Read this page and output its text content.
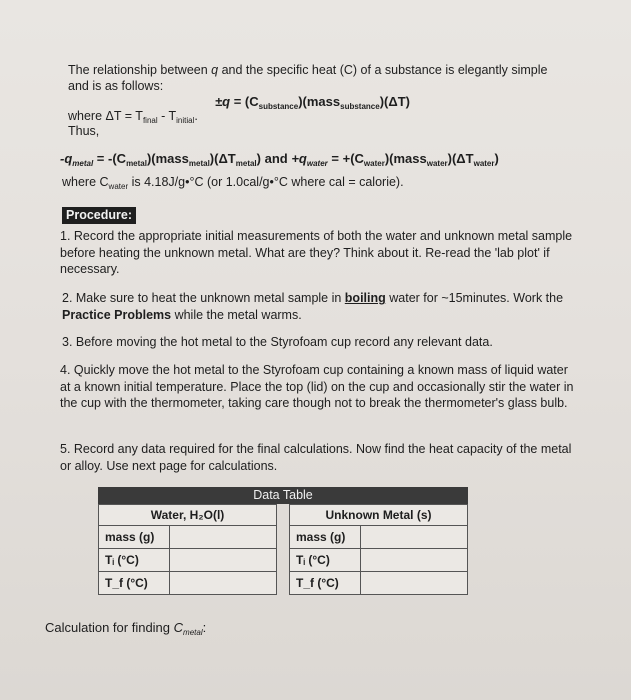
The relationship between q and the specific heat (C) of a substance is elegantly simple and is as follows:
$\pm q = (C_{substance})(mass_{substance})(\Delta T)$
where $\Delta T = T_{final} - T_{initial}$.
Thus,
$-q_{metal}$ = $-(C_{metal})(mass_{metal})(\Delta T_{metal})$ and $+q_{water}$ = $+(C_{water})(mass_{water})(\Delta T_{water})$
where $C_{water}$ is 4.18J/g•°C (or 1.0cal/g•°C where cal = calorie).
Procedure:
1. Record the appropriate initial measurements of both the water and unknown metal sample before heating the unknown metal. What are they? Think about it. Re-read the 'lab plot' if necessary.
2. Make sure to heat the unknown metal sample in boiling water for ~15minutes. Work the Practice Problems while the metal warms.
3. Before moving the hot metal to the Styrofoam cup record any relevant data.
4. Quickly move the hot metal to the Styrofoam cup containing a known mass of liquid water at a known initial temperature. Place the top (lid) on the cup and occasionally stir the water in the cup with the thermometer, taking care though not to break the thermometer's glass bulb.
5. Record any data required for the final calculations. Now find the heat capacity of the metal or alloy. Use next page for calculations.
Data Table
Water, H₂O(l)	
mass (g)	
Tᵢ (°C)	
T_f (°C)	
Unknown Metal (s)	
mass (g)	
Tᵢ (°C)	
T_f (°C)	
Calculation for finding $C_{metal}$:
